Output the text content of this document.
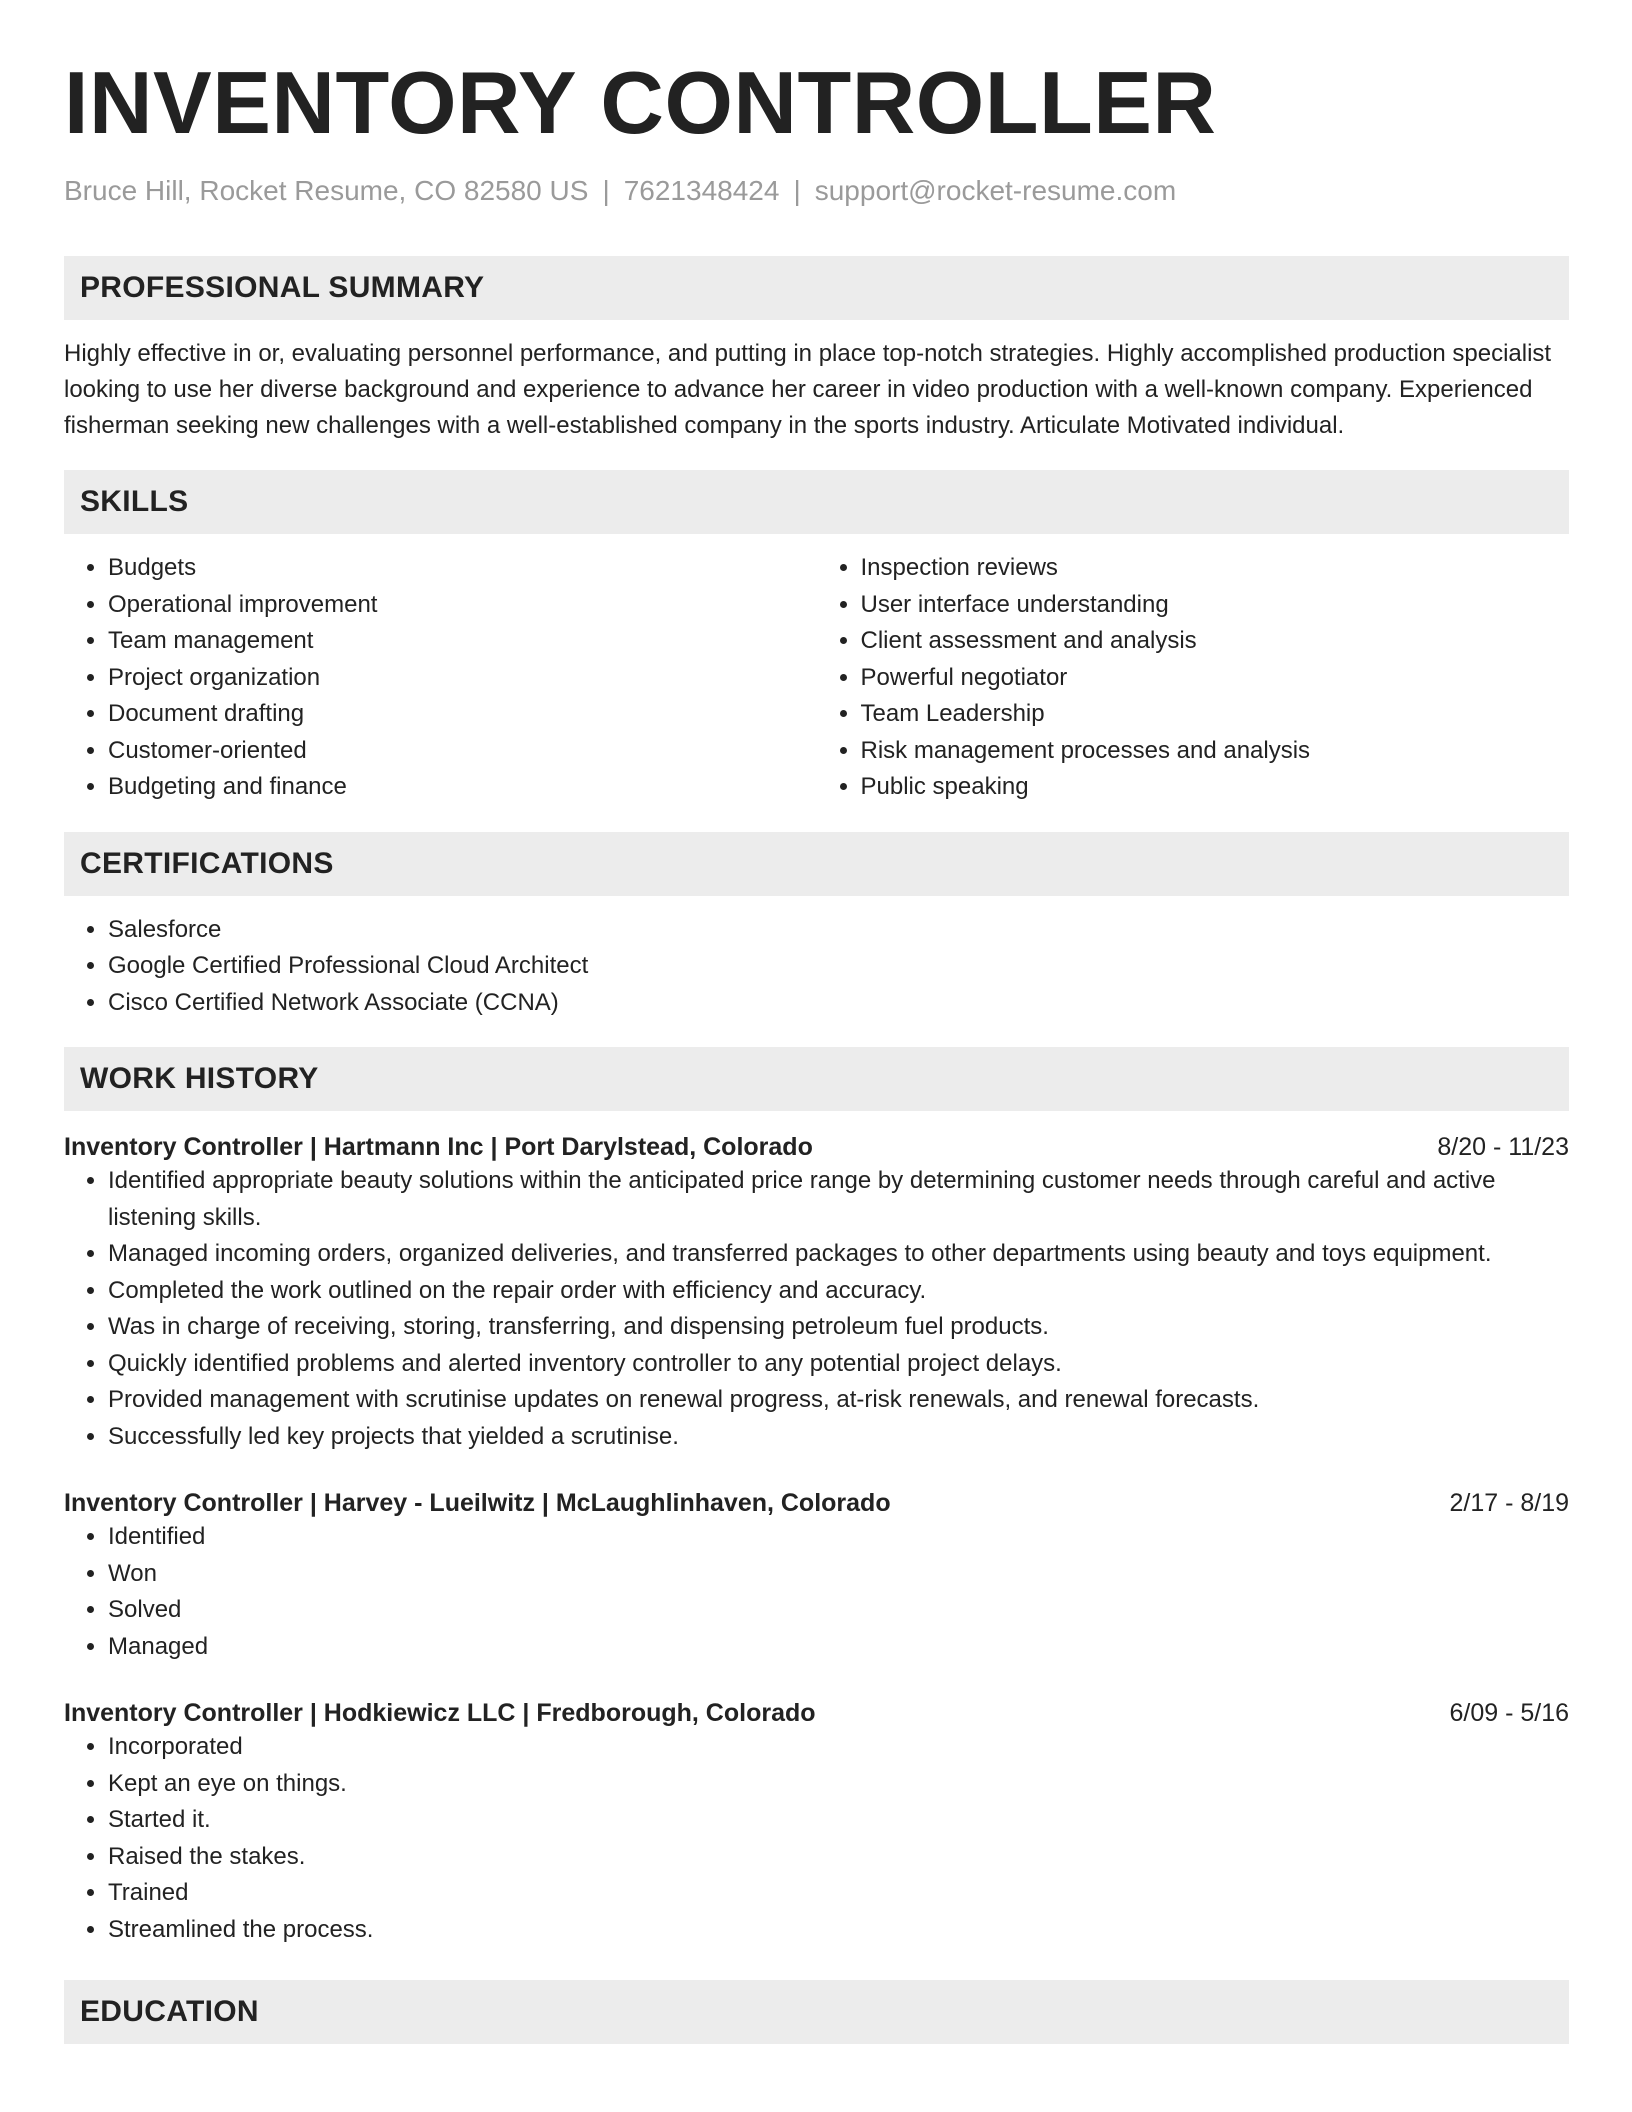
INVENTORY CONTROLLER
Bruce Hill, Rocket Resume, CO 82580 US | 7621348424 | support@rocket-resume.com
PROFESSIONAL SUMMARY

Highly effective in or, evaluating personnel performance, and putting in place top-notch strategies. Highly accomplished production specialist looking to use her diverse background and experience to advance her career in video production with a well-known company. Experienced fisherman seeking new challenges with a well-established company in the sports industry. Articulate Motivated individual.

SKILLS
• Budgets
• Operational improvement
• Team management
• Project organization
• Document drafting
• Customer-oriented
• Budgeting and finance
• Inspection reviews
• User interface understanding
• Client assessment and analysis
• Powerful negotiator
• Team Leadership
• Risk management processes and analysis
• Public speaking
CERTIFICATIONS
• Salesforce
• Google Certified Professional Cloud Architect
• Cisco Certified Network Associate (CCNA)
WORK HISTORY
Inventory Controller | Hartmann Inc | Port Darylstead, Colorado	8/20 - 11/23
• Identified appropriate beauty solutions within the anticipated price range by determining customer needs through careful and active listening skills.
• Managed incoming orders, organized deliveries, and transferred packages to other departments using beauty and toys equipment.
• Completed the work outlined on the repair order with efficiency and accuracy.
• Was in charge of receiving, storing, transferring, and dispensing petroleum fuel products.
• Quickly identified problems and alerted inventory controller to any potential project delays.
• Provided management with scrutinise updates on renewal progress, at-risk renewals, and renewal forecasts.
• Successfully led key projects that yielded a scrutinise.
Inventory Controller | Harvey - Lueilwitz | McLaughlinhaven, Colorado	2/17 - 8/19
• Identified
• Won
• Solved
• Managed
Inventory Controller | Hodkiewicz LLC | Fredborough, Colorado	6/09 - 5/16
• Incorporated
• Kept an eye on things.
• Started it.
• Raised the stakes.
• Trained
• Streamlined the process.
EDUCATION
